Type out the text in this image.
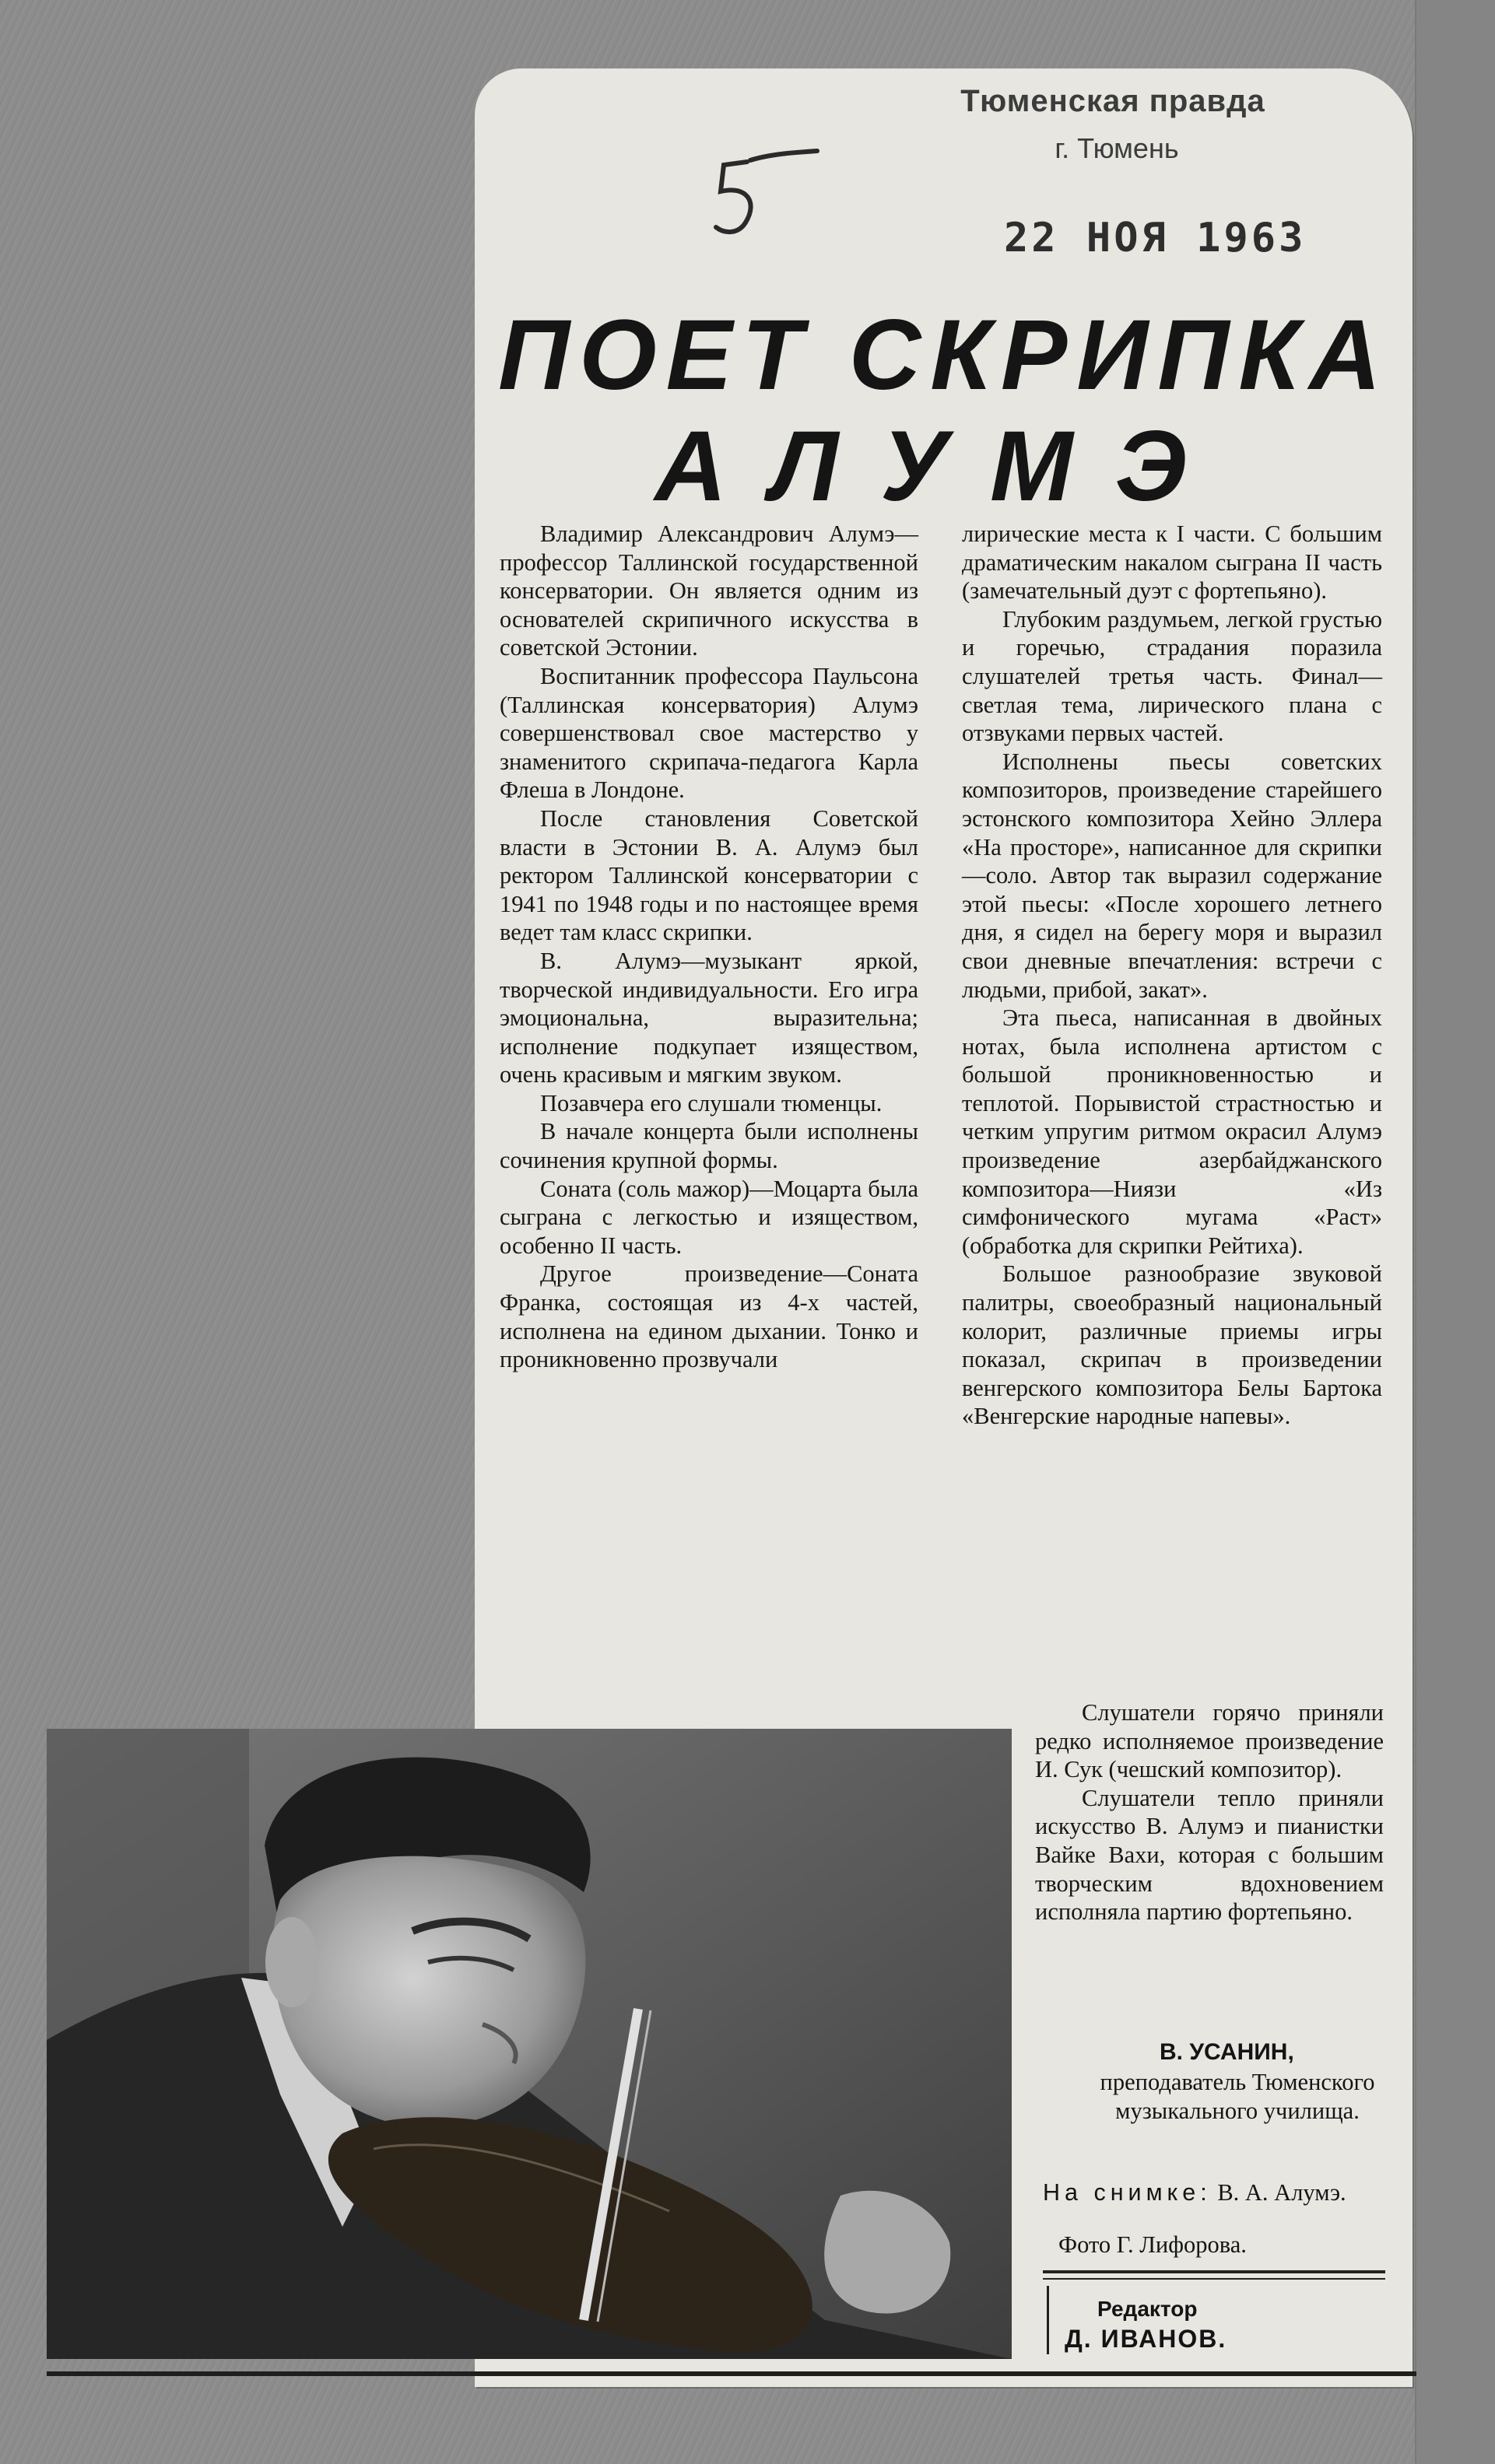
Тюменская правда
г. Тюмень
22 НОЯ 1963
ПОЕТ СКРИПКА
АЛУМЭ

Владимир Александрович Алумэ—профессор Таллинской государственной консерватории. Он является одним из основателей скрипичного искусства в советской Эстонии.

Воспитанник профессора Паульсона (Таллинская консерватория) Алумэ совершенствовал свое мастерство у знаменитого скрипача-педагога Карла Флеша в Лондоне.

После становления Советской власти в Эстонии В. А. Алумэ был ректором Таллинской консерватории с 1941 по 1948 годы и по настоящее время ведет там класс скрипки.

В. Алумэ—музыкант яркой, творческой индивидуальности. Его игра эмоциональна, выразительна; исполнение подкупает изяществом, очень красивым и мягким звуком.

Позавчера его слушали тюменцы.

В начале концерта были исполнены сочинения крупной формы.

Соната (соль мажор)—Моцарта была сыграна с легкостью и изяществом, особенно II часть.

Другое произведение—Соната Франка, состоящая из 4-х частей, исполнена на едином дыхании. Тонко и проникновенно прозвучали

лирические места к I части. С большим драматическим накалом сыграна II часть (замечательный дуэт с фортепьяно).

Глубоким раздумьем, легкой грустью и горечью, страдания поразила слушателей третья часть. Финал—светлая тема, лирического плана с отзвуками первых частей.

Исполнены пьесы советских композиторов, произведение старейшего эстонского композитора Хейно Эллера «На просторе», написанное для скрипки—соло. Автор так выразил содержание этой пьесы: «После хорошего летнего дня, я сидел на берегу моря и выразил свои дневные впечатления: встречи с людьми, прибой, закат».

Эта пьеса, написанная в двойных нотах, была исполнена артистом с большой проникновенностью и теплотой. Порывистой страстностью и четким упругим ритмом окрасил Алумэ произведение азербайджанского композитора—Ниязи «Из симфонического мугама «Раст» (обработка для скрипки Рейтиха).

Большое разнообразие звуковой палитры, своеобразный национальный колорит, различные приемы игры показал, скрипач в произведении венгерского композитора Белы Бартока «Венгерские народные напевы».

Слушатели горячо приняли редко исполняемое произведение И. Сук (чешский композитор).

Слушатели тепло приняли искусство В. Алумэ и пианистки Вайке Вахи, которая с большим творческим вдохновением исполняла партию фортепьяно.

В. УСАНИН,
преподаватель Тюменского музыкального училища.
На снимке: В. А. Алумэ.
Фото Г. Лифорова.
Редактор
Д. ИВАНОВ.
